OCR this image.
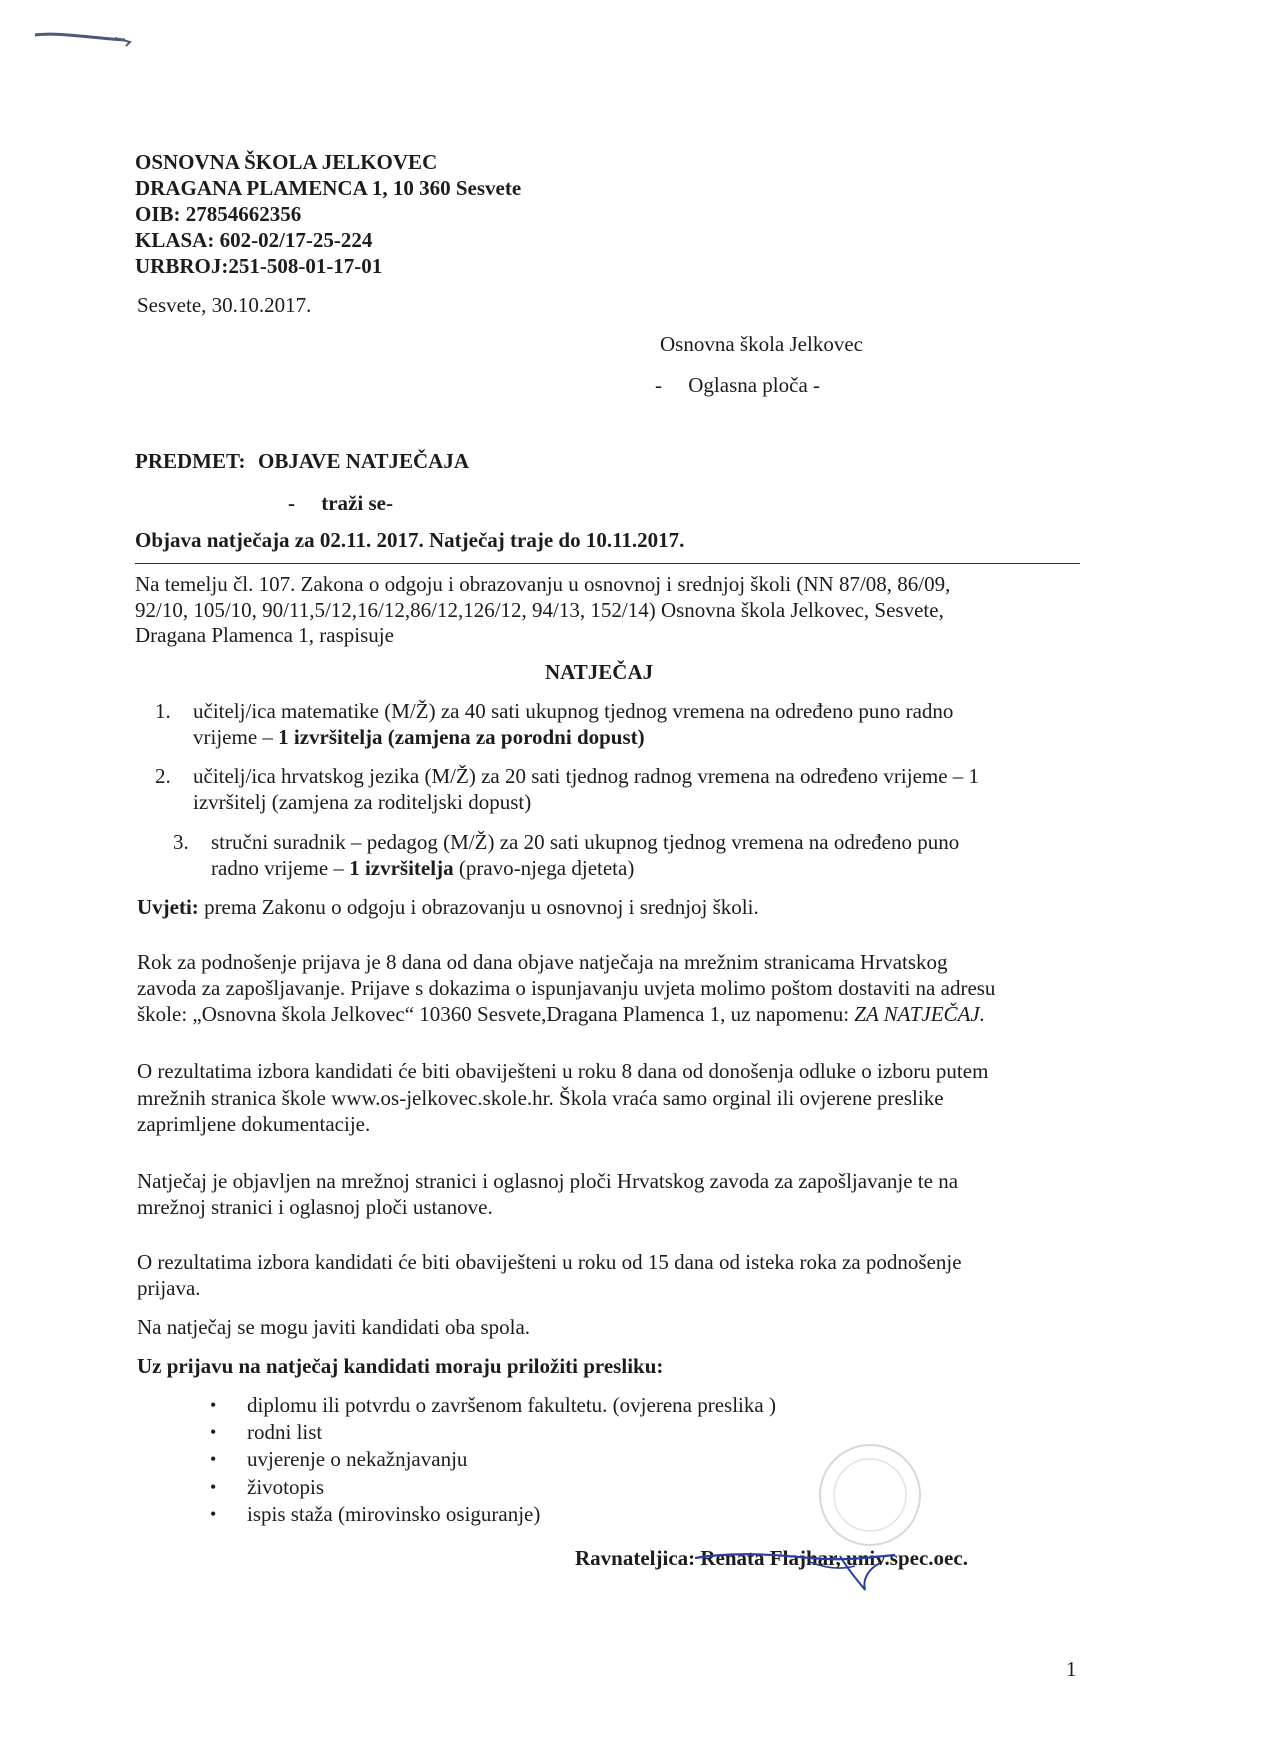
OSNOVNA ŠKOLA JELKOVEC
DRAGANA PLAMENCA 1, 10 360 Sesvete
OIB: 27854662356
KLASA: 602-02/17-25-224
URBROJ:251-508-01-17-01
Sesvete, 30.10.2017.
Osnovna škola Jelkovec
-     Oglasna ploča -
PREDMET: OBJAVE NATJEČAJA
-     traži se-
Objava natječaja za 02.11. 2017. Natječaj traje do 10.11.2017.
Na temelju čl. 107. Zakona o odgoju i obrazovanju u osnovnoj i srednjoj školi (NN 87/08, 86/09,
92/10, 105/10, 90/11,5/12,16/12,86/12,126/12, 94/13, 152/14) Osnovna škola Jelkovec, Sesvete,
Dragana Plamenca 1, raspisuje
NATJEČAJ
1. učitelj/ica matematike (M/Ž) za 40 sati ukupnog tjednog vremena na određeno puno radno
vrijeme – 1 izvršitelja (zamjena za porodni dopust)
2. učitelj/ica hrvatskog jezika (M/Ž) za 20 sati tjednog radnog vremena na određeno vrijeme – 1
izvršitelj (zamjena za roditeljski dopust)
3. stručni suradnik – pedagog (M/Ž) za 20 sati ukupnog tjednog vremena na određeno puno
radno vrijeme – 1 izvršitelja (pravo-njega djeteta)
Uvjeti: prema Zakonu o odgoju i obrazovanju u osnovnoj i srednjoj školi.
Rok za podnošenje prijava je 8 dana od dana objave natječaja na mrežnim stranicama Hrvatskog
zavoda za zapošljavanje. Prijave s dokazima o ispunjavanju uvjeta molimo poštom dostaviti na adresu
škole: „Osnovna škola Jelkovec“ 10360 Sesvete,Dragana Plamenca 1, uz napomenu: ZA NATJEČAJ.
O rezultatima izbora kandidati će biti obaviješteni u roku 8 dana od donošenja odluke o izboru putem
mrežnih stranica škole www.os-jelkovec.skole.hr. Škola vraća samo orginal ili ovjerene preslike
zaprimljene dokumentacije.
Natječaj je objavljen na mrežnoj stranici i oglasnoj ploči Hrvatskog zavoda za zapošljavanje te na
mrežnoj stranici i oglasnoj ploči ustanove.
O rezultatima izbora kandidati će biti obaviješteni u roku od 15 dana od isteka roka za podnošenje
prijava.
Na natječaj se mogu javiti kandidati oba spola.
Uz prijavu na natječaj kandidati moraju priložiti presliku:
• diplomu ili potvrdu o završenom fakultetu. (ovjerena preslika )
• rodni list
• uvjerenje o nekažnjavanju
• životopis
• ispis staža (mirovinsko osiguranje)
Ravnateljica: Renata Flajhar, univ.spec.oec.
1
